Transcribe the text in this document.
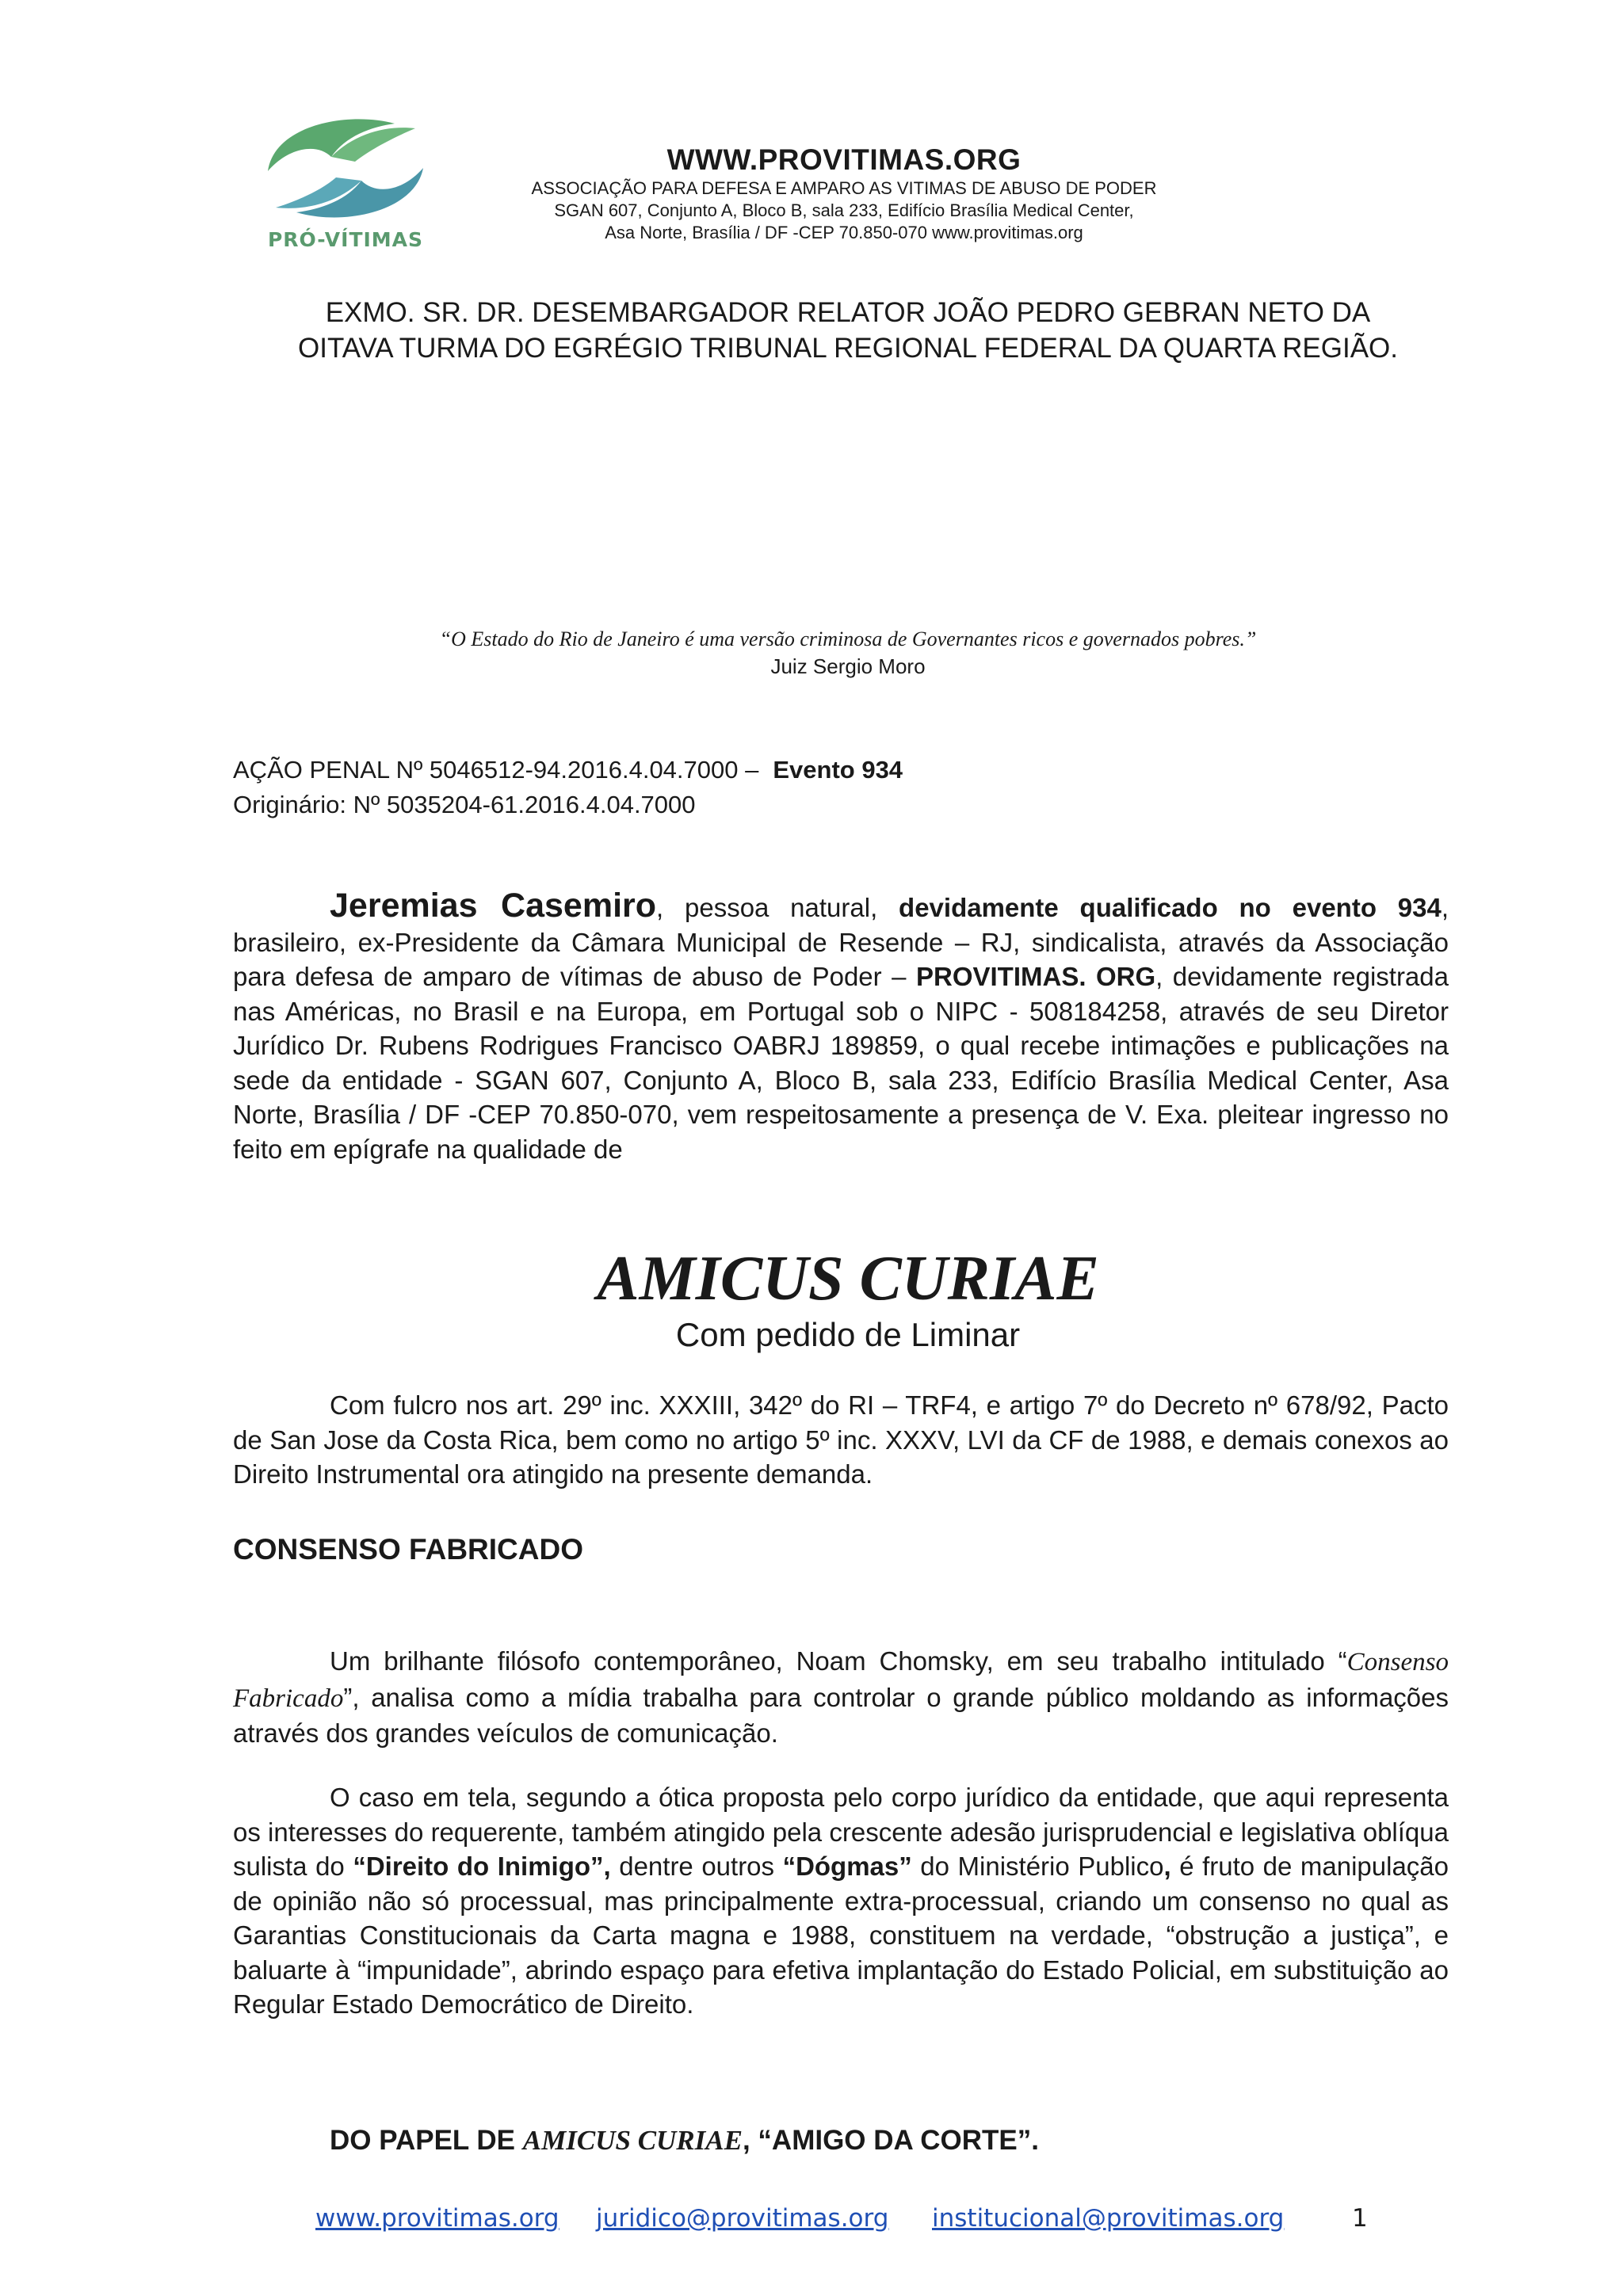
PRÓ-VÍTIMAS
WWW.PROVITIMAS.ORG
ASSOCIAÇÃO PARA DEFESA E AMPARO AS VITIMAS DE ABUSO DE PODER
SGAN 607, Conjunto A, Bloco B, sala 233, Edifício Brasília Medical Center,
Asa Norte, Brasília / DF -CEP 70.850-070 www.provitimas.org
EXMO. SR. DR. DESEMBARGADOR RELATOR JOÃO PEDRO GEBRAN NETO DA
OITAVA TURMA DO EGRÉGIO TRIBUNAL REGIONAL FEDERAL DA QUARTA REGIÃO.
“O Estado do Rio de Janeiro é uma versão criminosa de Governantes ricos e governados pobres.”
Juiz Sergio Moro
AÇÃO PENAL Nº 5046512-94.2016.4.04.7000 – Evento 934
Originário: Nº 5035204-61.2016.4.04.7000
Jeremias Casemiro, pessoa natural, devidamente qualificado no evento 934, brasileiro, ex-Presidente da Câmara Municipal de Resende – RJ, sindicalista, através da Associação para defesa de amparo de vítimas de abuso de Poder – PROVITIMAS. ORG, devidamente registrada nas Américas, no Brasil e na Europa, em Portugal sob o NIPC - 508184258, através de seu Diretor Jurídico Dr. Rubens Rodrigues Francisco OABRJ 189859, o qual recebe intimações e publicações na sede da entidade - SGAN 607, Conjunto A, Bloco B, sala 233, Edifício Brasília Medical Center, Asa Norte, Brasília / DF -CEP 70.850-070, vem respeitosamente a presença de V. Exa. pleitear ingresso no feito em epígrafe na qualidade de
AMICUS CURIAE
Com pedido de Liminar
Com fulcro nos art. 29º inc. XXXIII, 342º do RI – TRF4, e artigo 7º do Decreto nº 678/92, Pacto de San Jose da Costa Rica, bem como no artigo 5º inc. XXXV, LVI da CF de 1988, e demais conexos ao Direito Instrumental ora atingido na presente demanda.
CONSENSO FABRICADO
Um brilhante filósofo contemporâneo, Noam Chomsky, em seu trabalho intitulado “Consenso Fabricado”, analisa como a mídia trabalha para controlar o grande público moldando as informações através dos grandes veículos de comunicação.
O caso em tela, segundo a ótica proposta pelo corpo jurídico da entidade, que aqui representa os interesses do requerente, também atingido pela crescente adesão jurisprudencial e legislativa oblíqua sulista do “Direito do Inimigo”, dentre outros “Dógmas” do Ministério Publico, é fruto de manipulação de opinião não só processual, mas principalmente extra-processual, criando um consenso no qual as Garantias Constitucionais da Carta magna e 1988, constituem na verdade, “obstrução a justiça”, e baluarte à “impunidade”, abrindo espaço para efetiva implantação do Estado Policial, em substituição ao Regular Estado Democrático de Direito.
DO PAPEL DE AMICUS CURIAE, “AMIGO DA CORTE”.
www.provitimas.org juridico@provitimas.org institucional@provitimas.org	1
